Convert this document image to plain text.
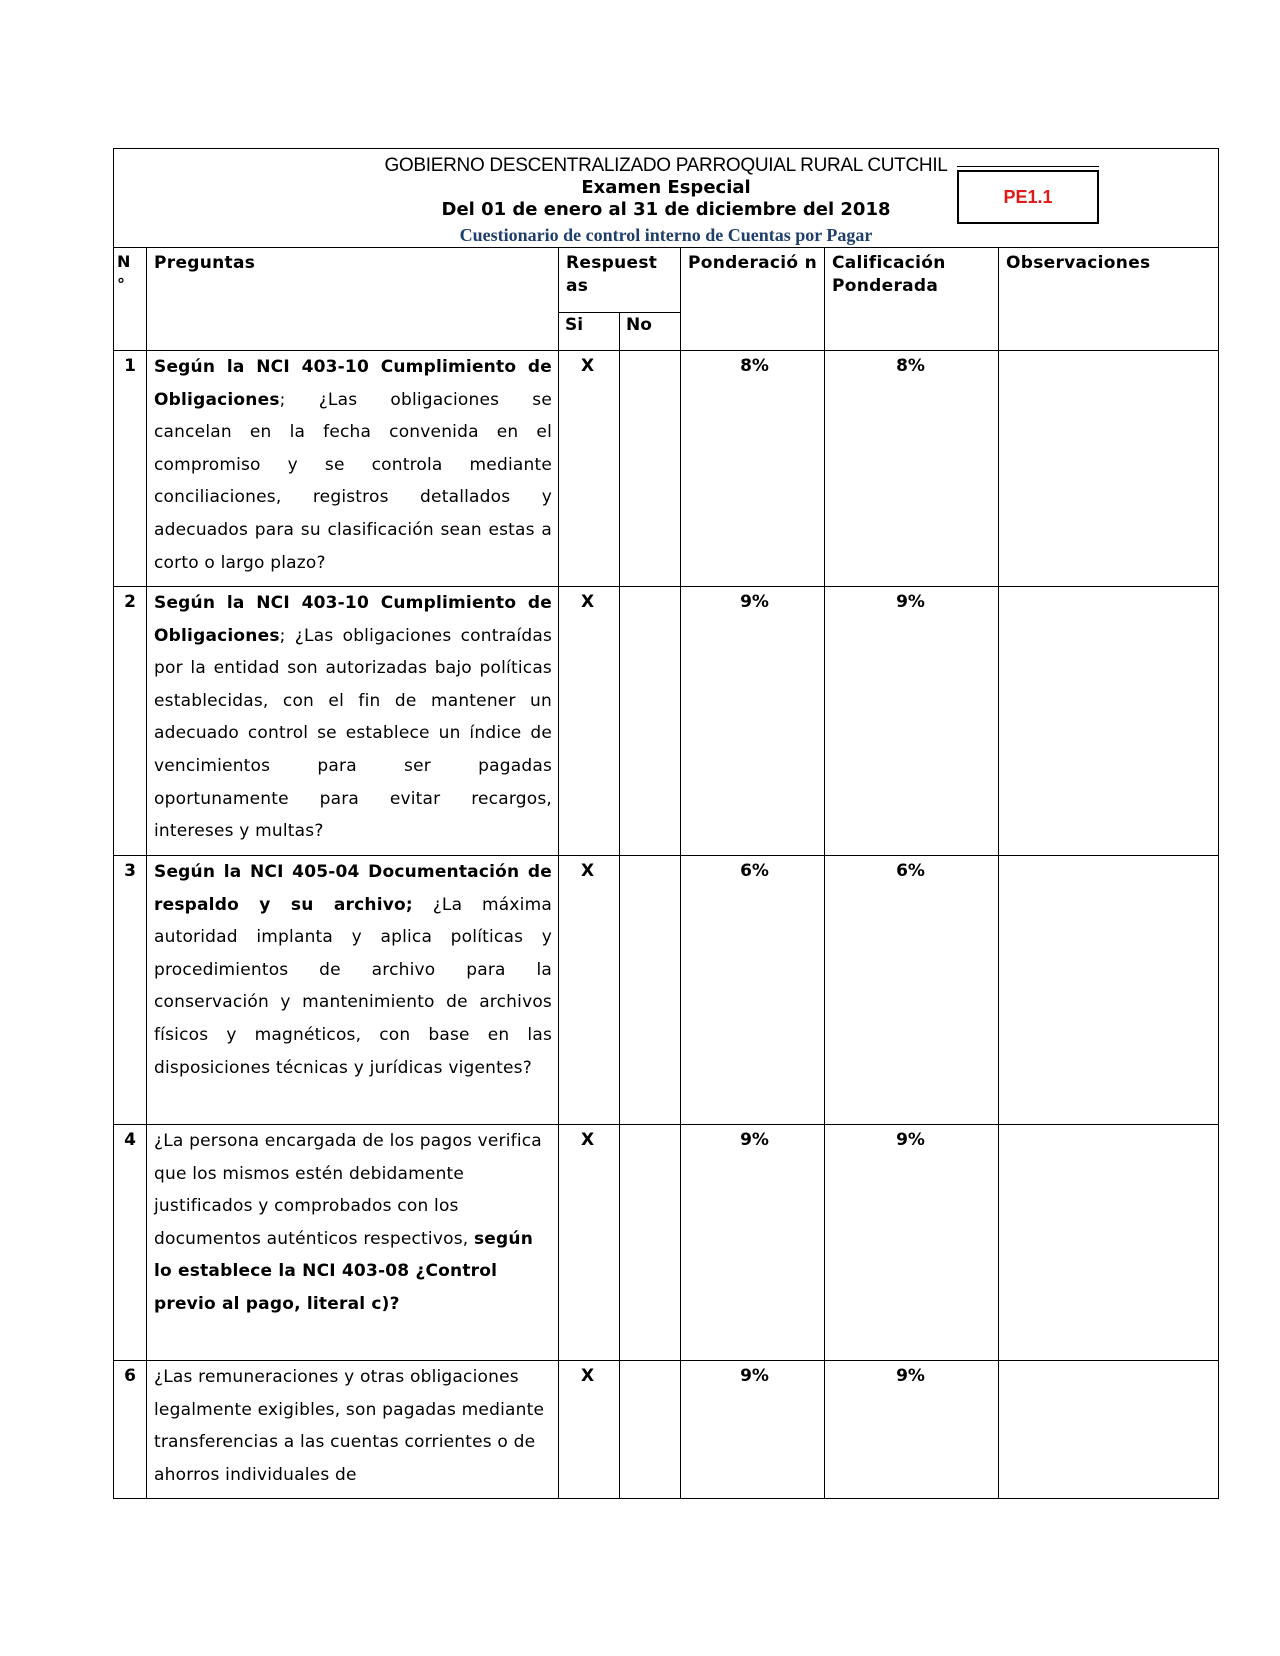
GOBIERNO DESCENTRALIZADO PARROQUIAL RURAL CUTCHIL
Examen Especial
Del 01 de enero al 31 de diciembre del 2018
Cuestionario de control interno de Cuentas por Pagar
PE1.1						

N °	Preguntas	Respuest as		Ponderació n	Calificación Ponderada	Observaciones
		Si	No			
1	Según la NCI 403-10 Cumplimiento de Obligaciones; ¿Las obligaciones se cancelan en la fecha convenida en el compromiso y se controla mediante conciliaciones, registros detallados y adecuados para su clasificación sean estas a corto o largo plazo?	X		8%	8%	
2	Según la NCI 403-10 Cumplimiento de Obligaciones; ¿Las obligaciones contraídas por la entidad son autorizadas bajo políticas establecidas, con el fin de mantener un adecuado control se establece un índice de vencimientos para ser pagadas oportunamente para evitar recargos, intereses y multas?	X		9%	9%	
3	Según la NCI 405-04 Documentación de respaldo y su archivo; ¿La máxima autoridad implanta y aplica políticas y procedimientos de archivo para la conservación y mantenimiento de archivos físicos y magnéticos, con base en las disposiciones técnicas y jurídicas vigentes?	X		6%	6%	
4	¿La persona encargada de los pagos verifica que los mismos estén debidamente justificados y comprobados con los documentos auténticos respectivos, según lo establece la NCI 403-08 ¿Control previo al pago, literal c)?	X		9%	9%	
6	¿Las remuneraciones y otras obligaciones legalmente exigibles, son pagadas mediante transferencias a las cuentas corrientes o de ahorros individuales de	X		9%	9%	
